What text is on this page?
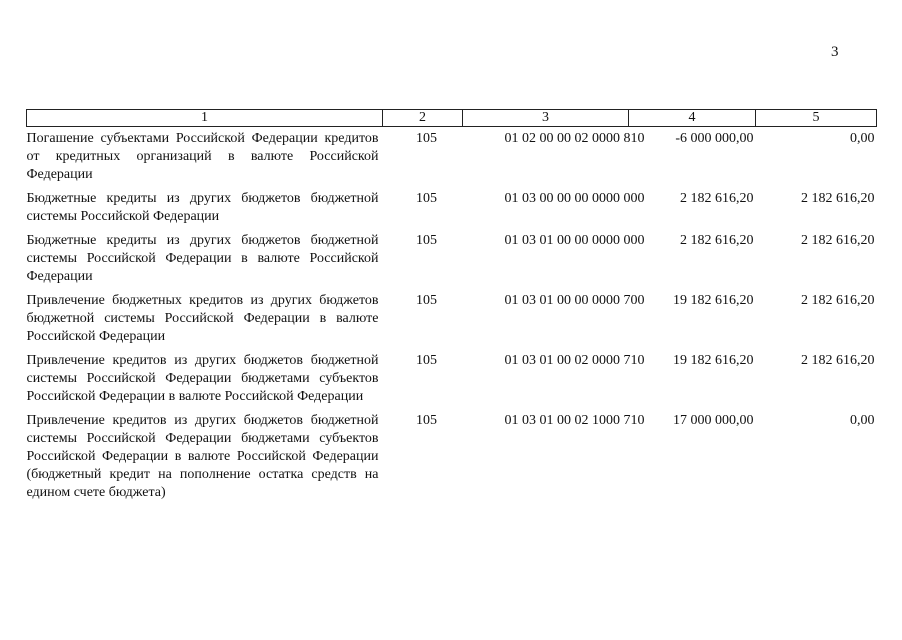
3
1	2	3	4	5
Погашение субъектами Российской Федерации кредитов от кредитных организаций в валюте Российской Федерации	105	01 02 00 00 02 0000 810	-6 000 000,00	0,00
Бюджетные кредиты из других бюджетов бюджетной системы Российской Федерации	105	01 03 00 00 00 0000 000	2 182 616,20	2 182 616,20
Бюджетные кредиты из других бюджетов бюджетной системы Российской Федерации в валюте Российской Федерации	105	01 03 01 00 00 0000 000	2 182 616,20	2 182 616,20
Привлечение бюджетных кредитов из других бюджетов бюджетной системы Российской Федерации в валюте Российской Федерации	105	01 03 01 00 00 0000 700	19 182 616,20	2 182 616,20
Привлечение кредитов из других бюджетов бюджетной системы Российской Федерации бюджетами субъектов Российской Федерации в валюте Российской Федерации	105	01 03 01 00 02 0000 710	19 182 616,20	2 182 616,20
Привлечение кредитов из других бюджетов бюджетной системы Российской Федерации бюджетами субъектов Российской Федерации в валюте Российской Федерации (бюджетный кредит на пополнение остатка средств на едином счете бюджета)	105	01 03 01 00 02 1000 710	17 000 000,00	0,00
